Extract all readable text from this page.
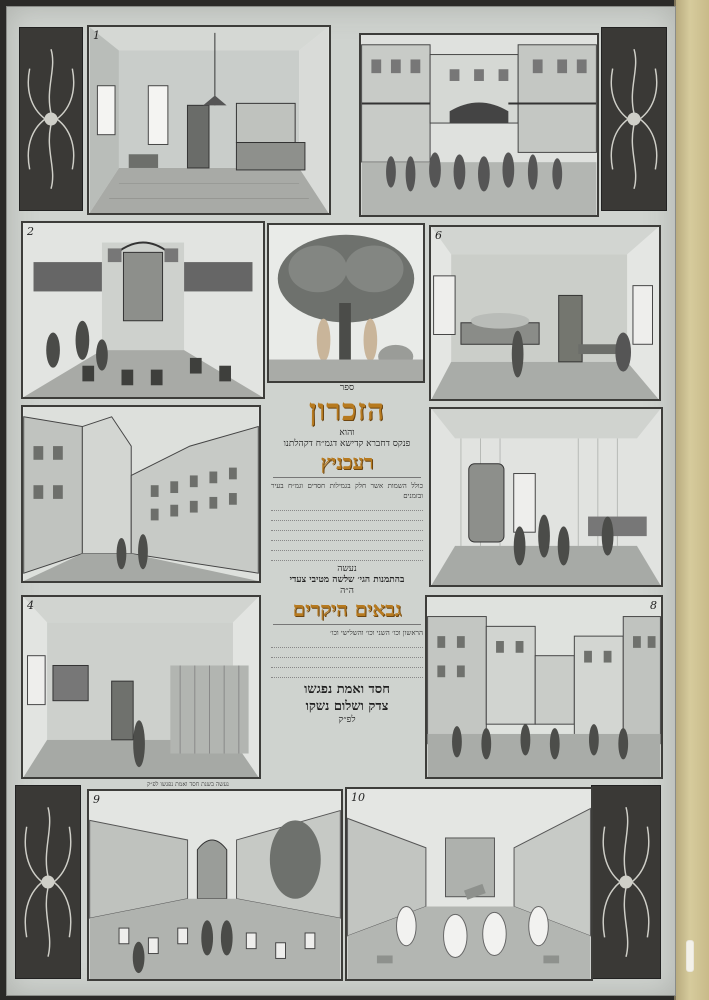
1
2	6
4	8
9	10
ספר
הזכרון
והוא
פנקס דחברא קדישא דגמ״ח דקהלתנו
רעכניץ
כולל השמות אשר חלק בגמילות חסדים וגמ״ח בעיר ובזמנים
נעשה
בהתמנות הגי׳ שלשה מטיבי צעדי
ה״ה
גבאים היקרים
הראשון וכו׳ השני וכו׳ והשלישי וכו׳
חסד ואמת נפגשו
צדק ושלום נשקו
לפ״ק
נעשה בשנת חסד ואמת נפגשו לפ״ק
